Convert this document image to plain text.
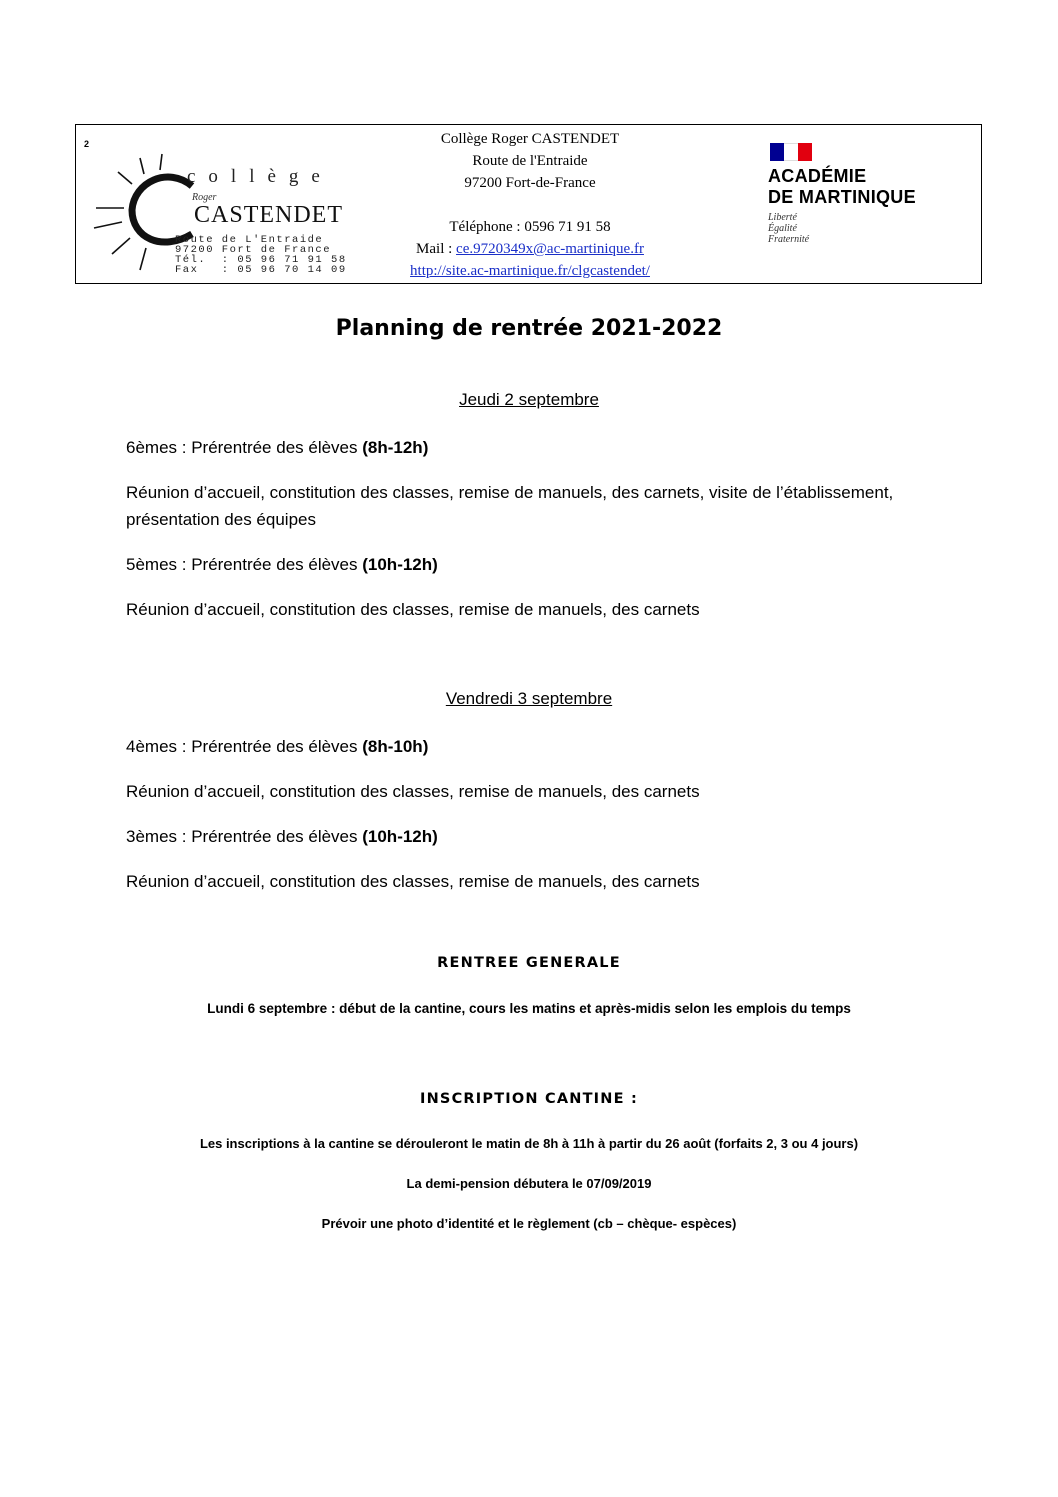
2
collège
Roger
CASTENDET
Route de L'Entraide
97200 Fort de France
Tél.  : 05 96 71 91 58
Fax   : 05 96 70 14 09
Collège Roger CASTENDET
Route de l'Entraide
97200 Fort-de-France
Téléphone : 0596 71 91 58
Mail : ce.9720349x@ac-martinique.fr
http://site.ac-martinique.fr/clgcastendet/
ACADÉMIE
DE MARTINIQUE
Liberté
Égalité
Fraternité
Planning de rentrée 2021-2022
Jeudi 2 septembre
6èmes : Prérentrée des élèves (8h-12h)
Réunion d’accueil, constitution des classes, remise de manuels, des carnets, visite de l’établissement, présentation des équipes
5èmes : Prérentrée des élèves (10h-12h)
Réunion d’accueil, constitution des classes, remise de manuels, des carnets
Vendredi 3 septembre
4èmes : Prérentrée des élèves (8h-10h)
Réunion d’accueil, constitution des classes, remise de manuels, des carnets
3èmes : Prérentrée des élèves (10h-12h)
Réunion d’accueil, constitution des classes, remise de manuels, des carnets
RENTREE GENERALE
Lundi 6 septembre : début de la cantine, cours les matins et après-midis selon les emplois du temps
INSCRIPTION CANTINE :
Les inscriptions à la cantine se dérouleront le matin de 8h à 11h à partir du 26 août (forfaits 2, 3 ou 4 jours)
La demi-pension débutera le 07/09/2019
Prévoir une photo d’identité et le règlement (cb – chèque- espèces)
